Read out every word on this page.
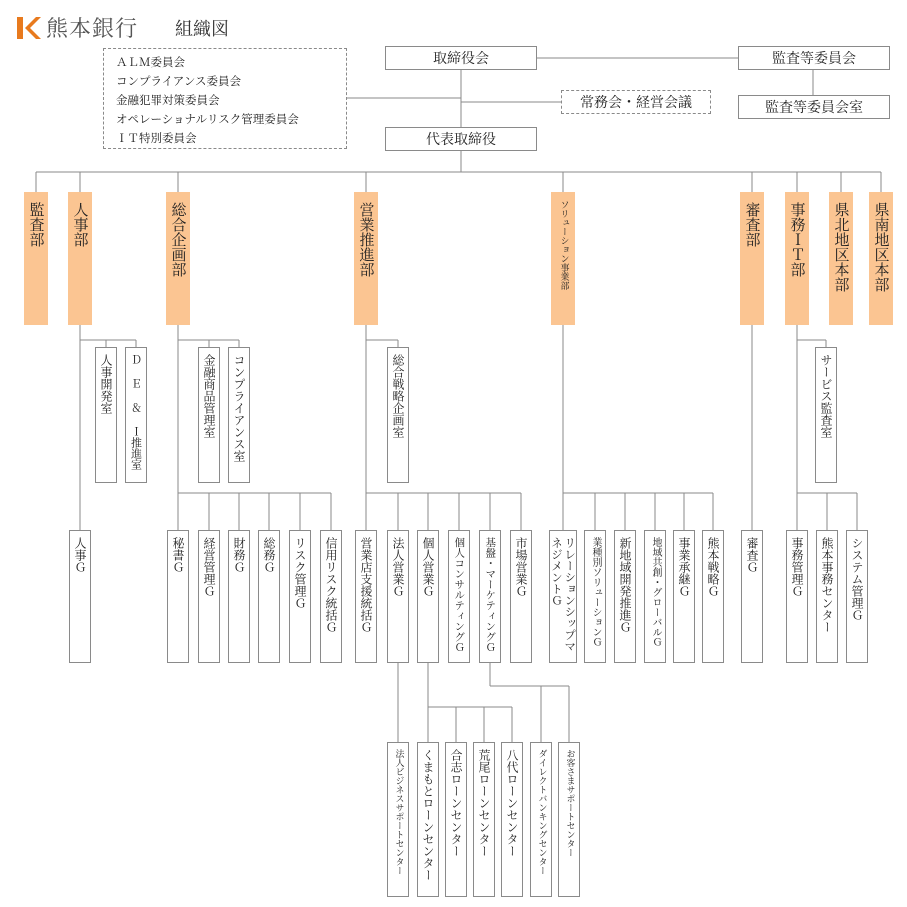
熊本銀行 組織図
ＡＬＭ委員会
コンプライアンス委員会
金融犯罪対策委員会
オペレーショナルリスク管理委員会
ＩＴ特別委員会
取締役会	監査等委員会
監査等委員会室
常務会・経営会議
代表取締役
監査部 人事部	総合企画部	営業推進部	ソリューション事業部	審査部 事務ＩＴ部 県北地区本部 県南地区本部
人事開発室	Ｄ Ｅ ＆ Ｉ推進室	金融商品管理室	コンプライアンス室	総合戦略企画室	サービス監査室
人事Ｇ	秘書Ｇ	経営管理Ｇ	財務Ｇ	総務Ｇ	リスク管理Ｇ	信用リスク統括Ｇ	営業店支援統括Ｇ	法人営業Ｇ	個人営業Ｇ	個人コンサルティングＧ	基盤・マーケティングＧ	市場営業Ｇ	リレーションシップマネジメントＧ	業種別ソリューションＧ	新地域開発推進Ｇ	地域共創・グローバルＧ	事業承継Ｇ	熊本戦略Ｇ	審査Ｇ	事務管理Ｇ	熊本事務センター	システム管理Ｇ
法人ビジネスサポートセンター	くまもとローンセンター	合志ローンセンター	荒尾ローンセンター	八代ローンセンター	ダイレクトバンキングセンター	お客さまサポートセンター
